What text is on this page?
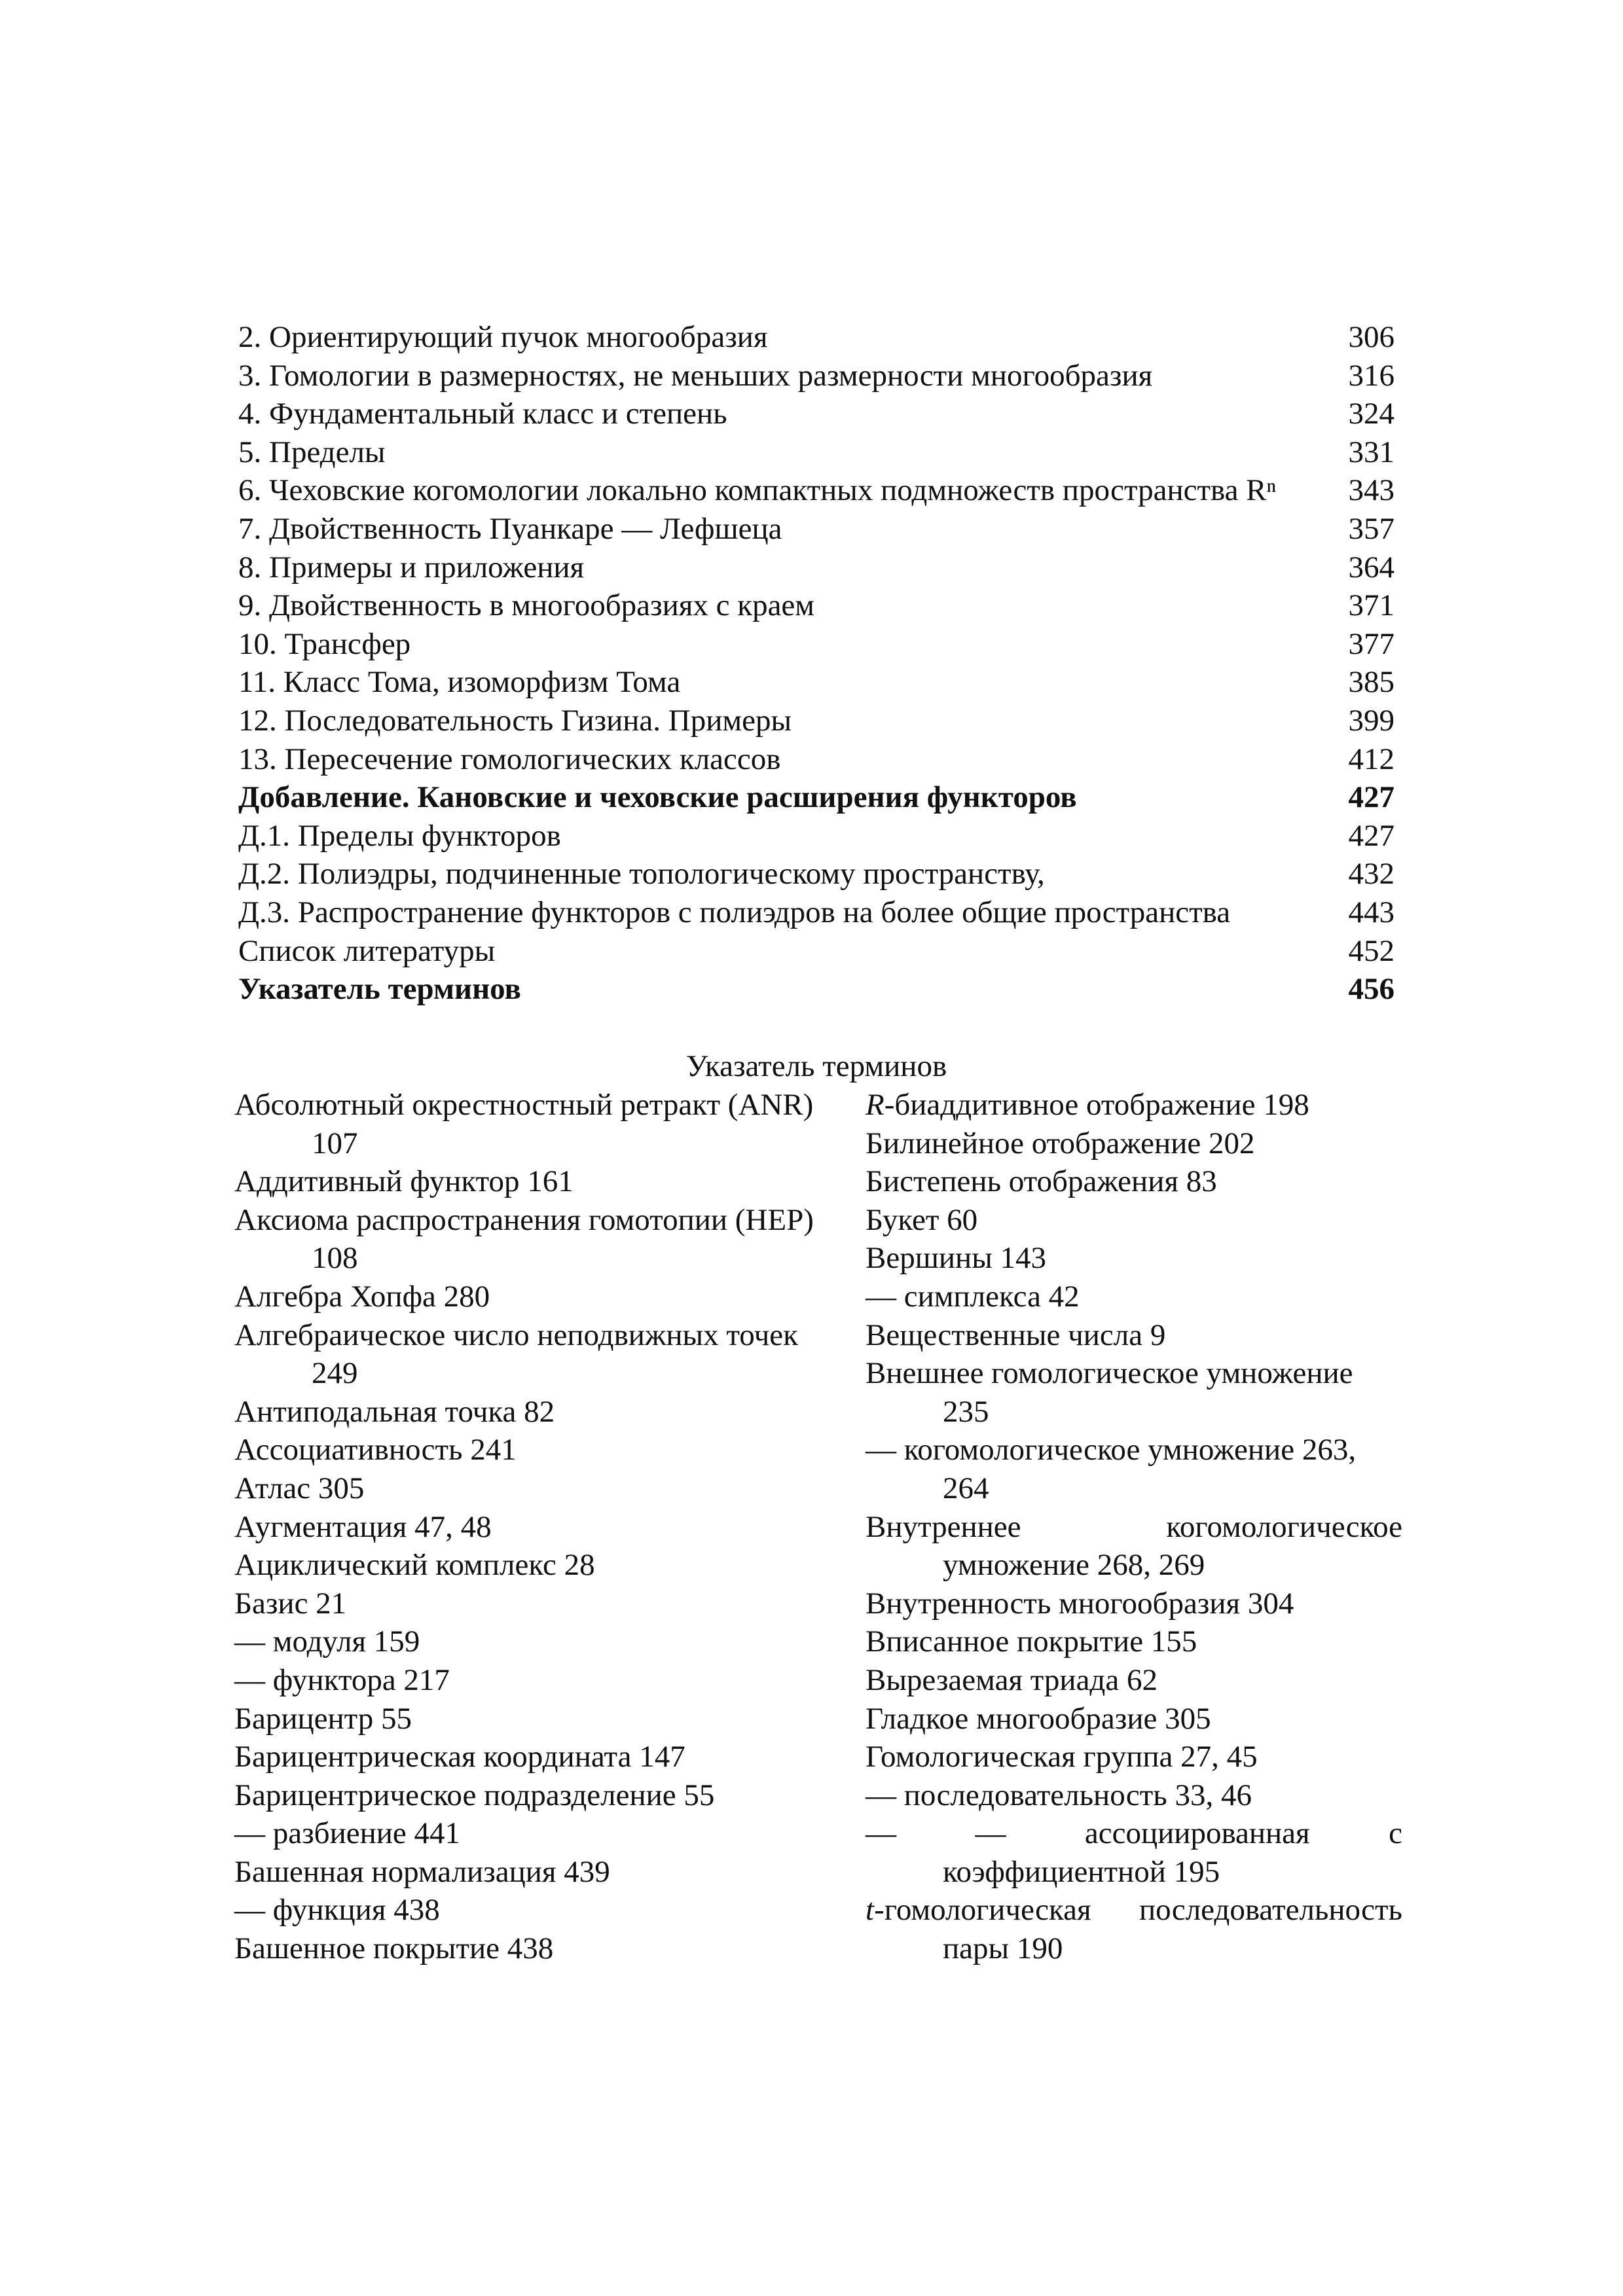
2. Ориентирующий пучок многообразия	306
3. Гомологии в размерностях, не меньших размерности многообразия	316
4. Фундаментальный класс и степень	324
5. Пределы	331
6. Чеховские когомологии локально компактных подмножеств пространства Rⁿ	343
7. Двойственность Пуанкаре — Лефшеца	357
8. Примеры и приложения	364
9. Двойственность в многообразиях с краем	371
10. Трансфер	377
11. Класс Тома, изоморфизм Тома	385
12. Последовательность Гизина. Примеры	399
13. Пересечение гомологических классов	412
Добавление. Кановские и чеховские расширения функторов	427
Д.1. Пределы функторов	427
Д.2. Полиэдры, подчиненные топологическому пространству,	432
Д.3. Распространение функторов с полиэдров на более общие пространства	443
Список литературы	452
Указатель терминов	456
Указатель терминов
Абсолютный окрестностный ретракт (ANR) 107
Аддитивный функтор 161
Аксиома распространения гомотопии (HEP) 108
Алгебра Хопфа 280
Алгебраическое число неподвижных точек 249
Антиподальная точка 82
Ассоциативность 241
Атлас 305
Аугментация 47, 48
Ациклический комплекс 28
Базис 21
— модуля 159
— функтора 217
Барицентр 55
Барицентрическая координата 147
Барицентрическое подразделение 55
— разбиение 441
Башенная нормализация 439
— функция 438
Башенное покрытие 438
R-биаддитивное отображение 198
Билинейное отображение 202
Бистепень отображения 83
Букет 60
Вершины 143
— симплекса 42
Вещественные числа 9
Внешнее гомологическое умножение 235
— когомологическое умножение 263, 264
Внутреннее	когомологическое
умножение 268, 269
Внутренность многообразия 304
Вписанное покрытие 155
Вырезаемая триада 62
Гладкое многообразие 305
Гомологическая группа 27, 45
— последовательность 33, 46
—	—	ассоциированная	с
коэффициентной 195
t-гомологическая последовательность пары 190
